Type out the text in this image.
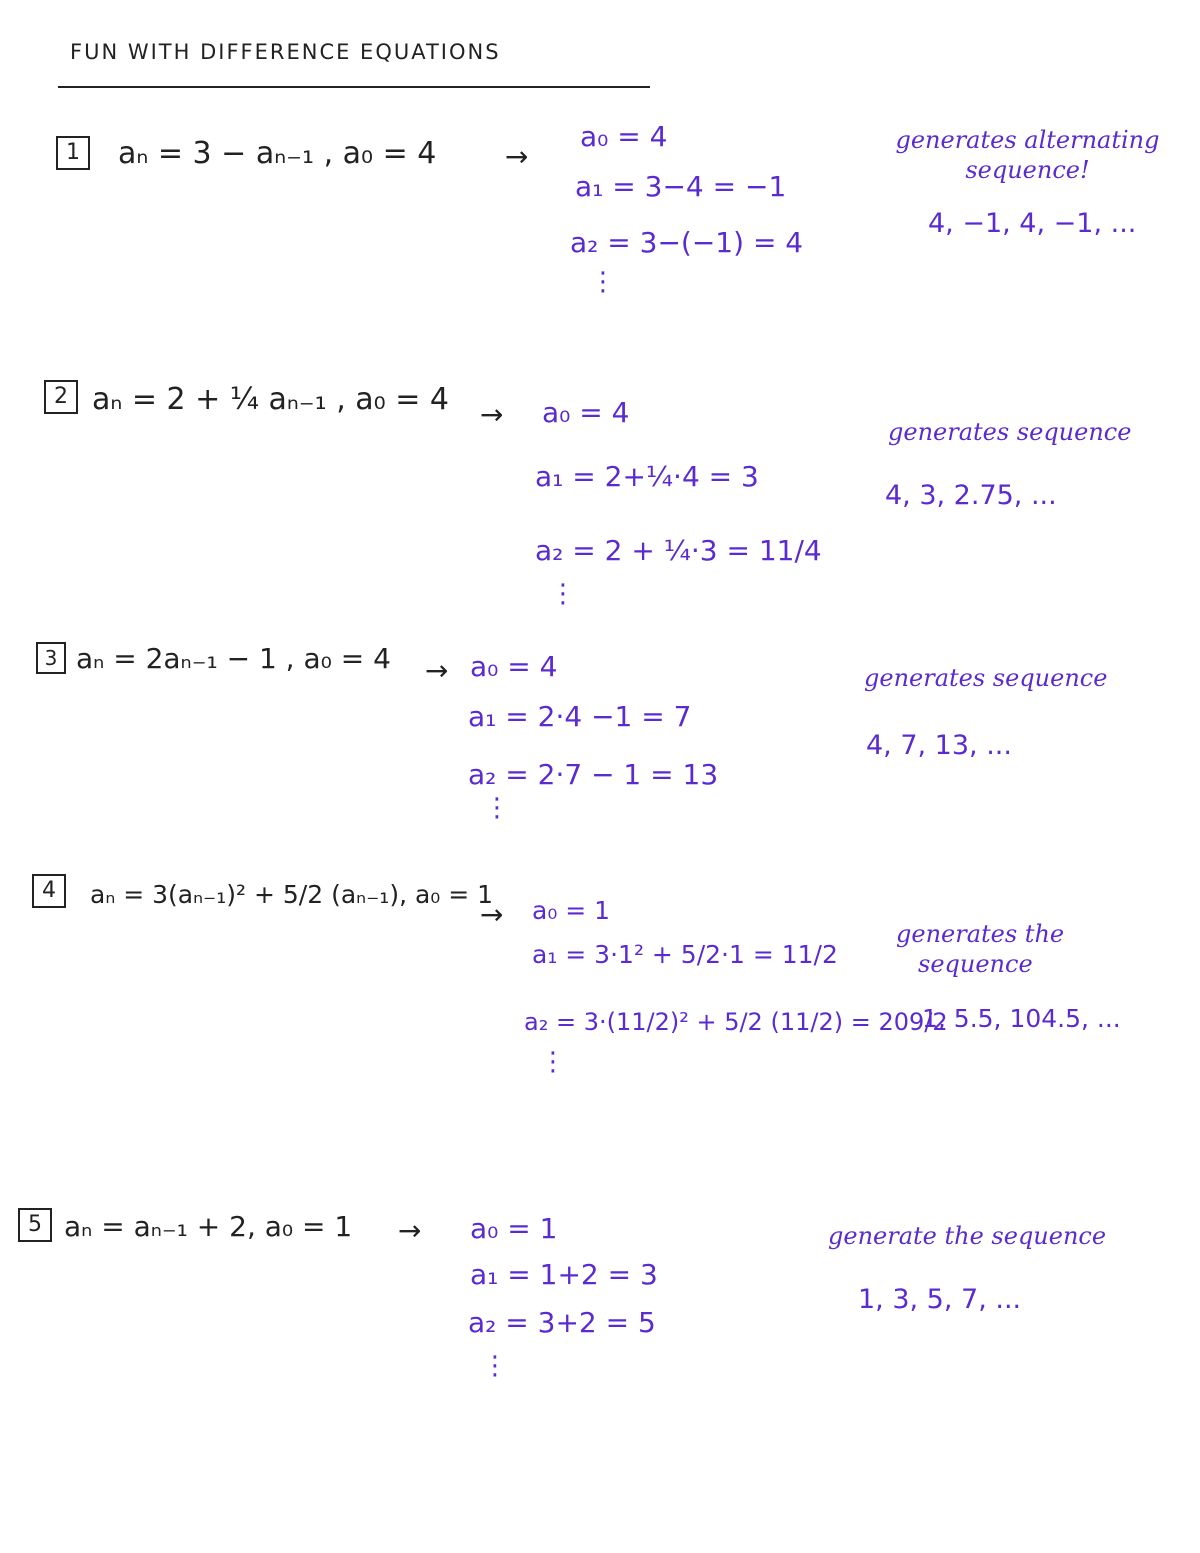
FUN WITH DIFFERENCE EQUATIONS
1	aₙ = 3 − aₙ₋₁ , a₀ = 4 →
a₀ = 4
a₁ = 3−4 = −1
a₂ = 3−(−1) = 4
⋮
generates alternating sequence!
4, −1, 4, −1, ...
2 aₙ = 2 + ¼ aₙ₋₁ , a₀ = 4 → a₀ = 4
a₁ = 2+¼·4 = 3
a₂ = 2 + ¼·3 = 11/4
⋮
generates sequence
4, 3, 2.75, ...
3 aₙ = 2aₙ₋₁ − 1 , a₀ = 4 → a₀ = 4
a₁ = 2·4 −1 = 7
a₂ = 2·7 − 1 = 13
⋮
generates sequence
4, 7, 13, ...
4	aₙ = 3(aₙ₋₁)² + 5/2 (aₙ₋₁), a₀ = 1
→ a₀ = 1
a₁ = 3·1² + 5/2·1 = 11/2
a₂ = 3·(11/2)² + 5/2 (11/2) = 209/2
⋮
generates the
sequence
1, 5.5, 104.5, ...
5 aₙ = aₙ₋₁ + 2, a₀ = 1 → a₀ = 1
a₁ = 1+2 = 3
a₂ = 3+2 = 5
⋮
generate the sequence
1, 3, 5, 7, ...
